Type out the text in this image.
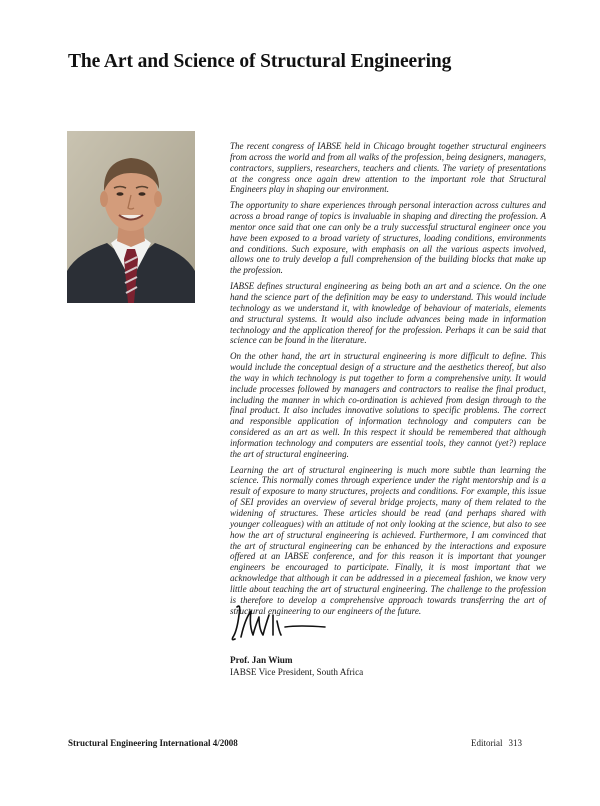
The Art and Science of Structural Engineering

The recent congress of IABSE held in Chicago brought together structural engineers from across the world and from all walks of the profession, being designers, managers, contractors, suppliers, researchers, teachers and clients. The variety of presentations at the congress once again drew attention to the important role that Structural Engineers play in shaping our environment.

The opportunity to share experiences through personal interaction across cultures and across a broad range of topics is invaluable in shaping and directing the profession. A mentor once said that one can only be a truly successful structural engineer once you have been exposed to a broad variety of structures, loading conditions, environments and conditions. Such exposure, with emphasis on all the various aspects involved, allows one to truly develop a full comprehension of the building blocks that make up the profession.

IABSE defines structural engineering as being both an art and a science. On the one hand the science part of the definition may be easy to understand. This would include technology as we understand it, with knowledge of behaviour of materials, elements and structural systems. It would also include advances being made in information technology and the application thereof for the profession. Perhaps it can be said that science can be found in the literature.

On the other hand, the art in structural engineering is more difficult to define. This would include the conceptual design of a structure and the aesthetics thereof, but also the way in which technology is put together to form a comprehensive unity. It would include processes followed by managers and contractors to realise the final product, including the manner in which co-ordination is achieved from design through to the final product. It also includes innovative solutions to specific problems. The correct and responsible application of information technology and computers can be considered as an art as well. In this respect it should be remembered that although information technology and computers are essential tools, they cannot (yet?) replace the art of structural engineering.

Learning the art of structural engineering is much more subtle than learning the science. This normally comes through experience under the right mentorship and is a result of exposure to many structures, projects and conditions. For example, this issue of SEI provides an overview of several bridge projects, many of them related to the widening of structures. These articles should be read (and perhaps shared with younger colleagues) with an attitude of not only looking at the science, but also to see how the art of structural engineering is achieved. Furthermore, I am convinced that the art of structural engineering can be enhanced by the interactions and exposure offered at an IABSE conference, and for this reason it is important that younger engineers be encouraged to participate. Finally, it is most important that we acknowledge that although it can be addressed in a piecemeal fashion, we know very little about teaching the art of structural engineering. The challenge to the profession is therefore to develop a comprehensive approach towards transferring the art of structural engineering to our engineers of the future.

Prof. Jan Wium
IABSE Vice President, South Africa
Structural Engineering International 4/2008	Editorial 313
